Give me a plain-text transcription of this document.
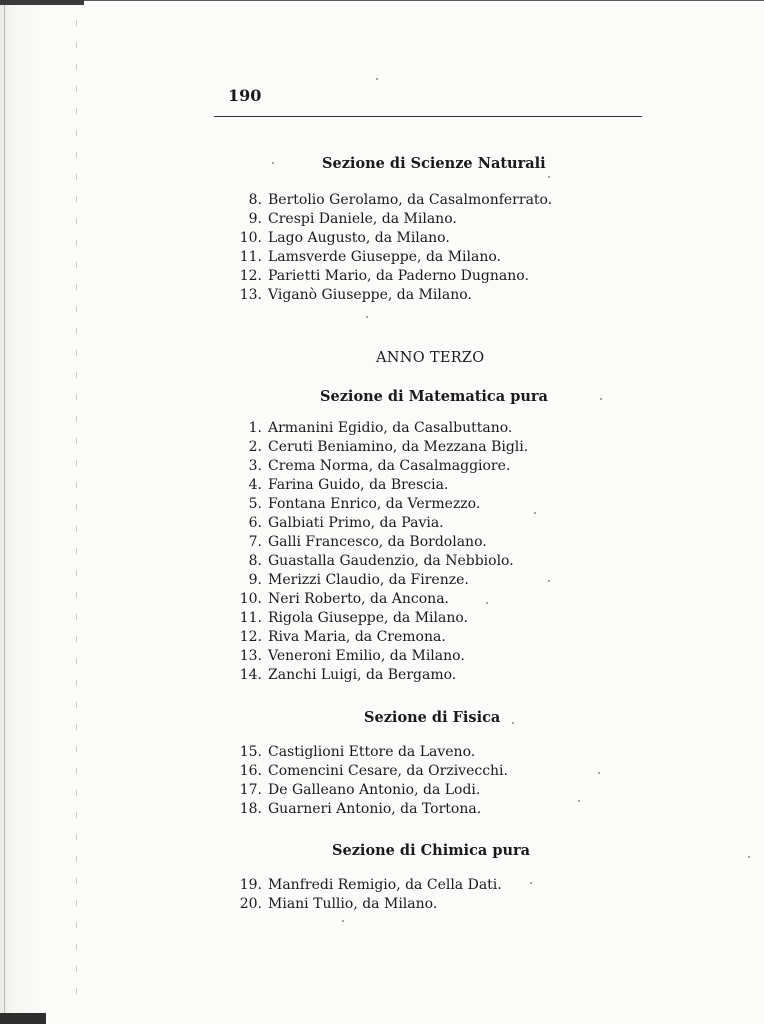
190
Sezione di Scienze Naturali
8. Bertolio Gerolamo, da Casalmonferrato.
9. Crespi Daniele, da Milano.
10. Lago Augusto, da Milano.
11. Lamsverde Giuseppe, da Milano.
12. Parietti Mario, da Paderno Dugnano.
13. Viganò Giuseppe, da Milano.
ANNO TERZO
Sezione di Matematica pura
1. Armanini Egidio, da Casalbuttano.
2. Ceruti Beniamino, da Mezzana Bigli.
3. Crema Norma, da Casalmaggiore.
4. Farina Guido, da Brescia.
5. Fontana Enrico, da Vermezzo.
6. Galbiati Primo, da Pavia.
7. Galli Francesco, da Bordolano.
8. Guastalla Gaudenzio, da Nebbiolo.
9. Merizzi Claudio, da Firenze.
10. Neri Roberto, da Ancona.
11. Rigola Giuseppe, da Milano.
12. Riva Maria, da Cremona.
13. Veneroni Emilio, da Milano.
14. Zanchi Luigi, da Bergamo.
Sezione di Fisica
15. Castiglioni Ettore da Laveno.
16. Comencini Cesare, da Orzivecchi.
17. De Galleano Antonio, da Lodi.
18. Guarneri Antonio, da Tortona.
Sezione di Chimica pura
19. Manfredi Remigio, da Cella Dati.
20. Miani Tullio, da Milano.
